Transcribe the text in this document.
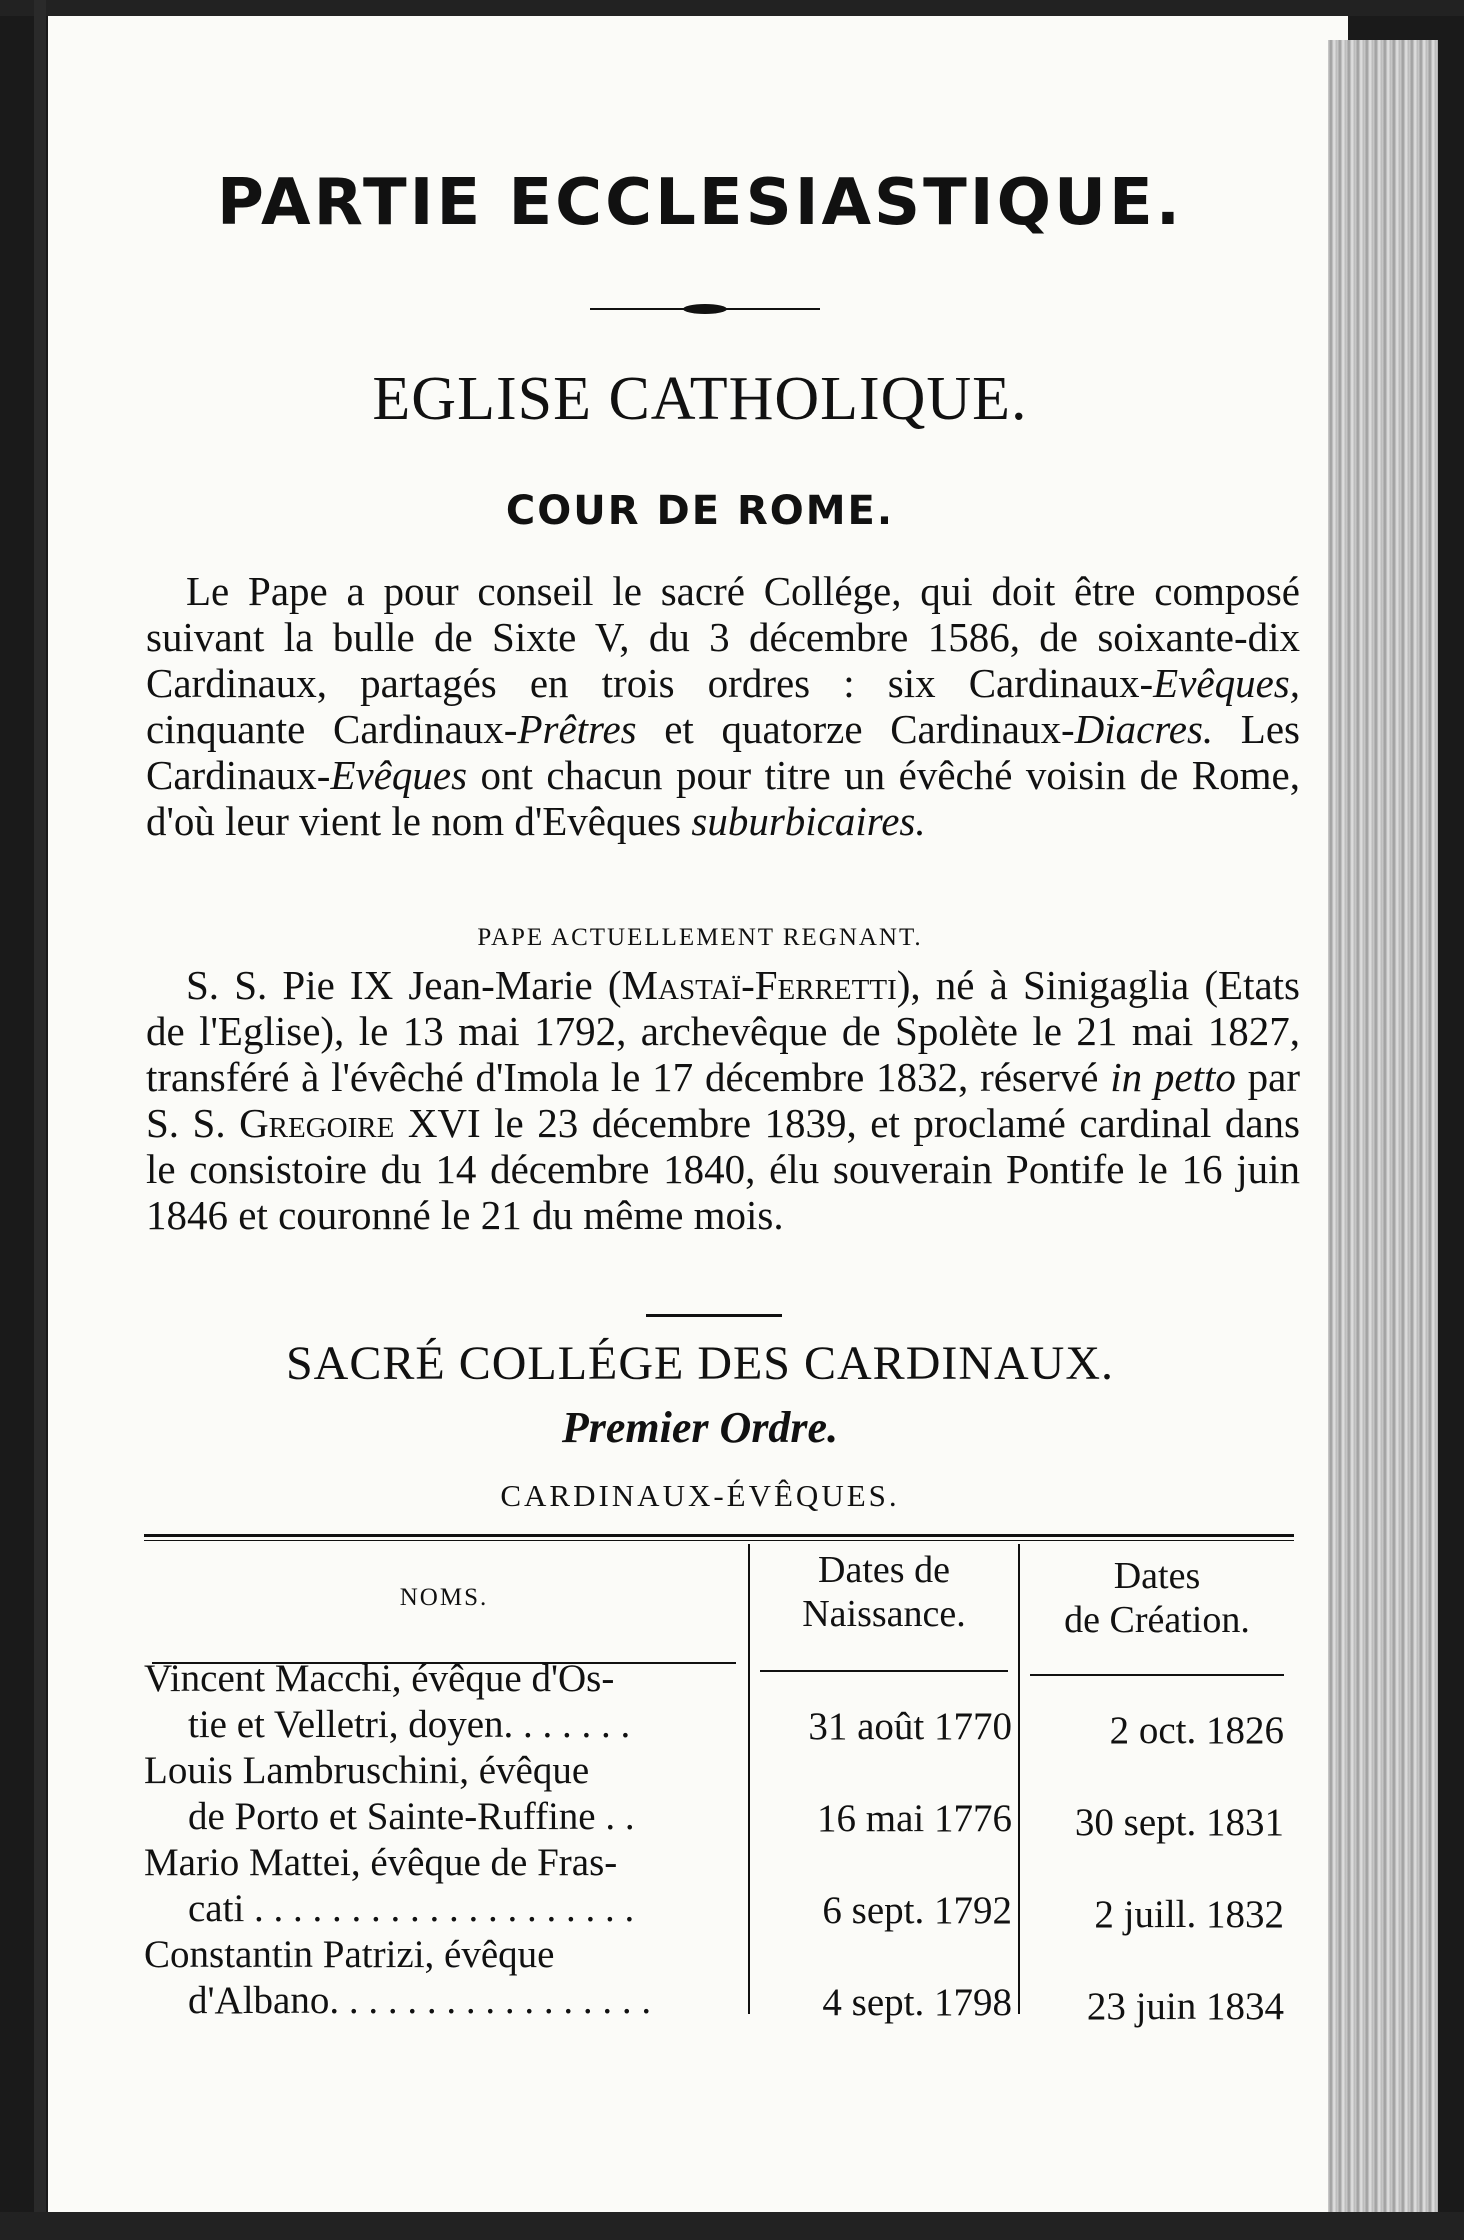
PARTIE ECCLESIASTIQUE.
EGLISE CATHOLIQUE.
COUR DE ROME.
Le Pape a pour conseil le sacré Collége, qui doit être composé suivant la bulle de Sixte V, du 3 décembre 1586, de soixante-dix Cardinaux, partagés en trois ordres : six Cardinaux-Evêques, cinquante Cardinaux-Prêtres et quatorze Cardinaux-Diacres. Les Cardinaux-Evêques ont chacun pour titre un évêché voisin de Rome, d'où leur vient le nom d'Evêques suburbicaires.
PAPE ACTUELLEMENT REGNANT.
S. S. Pie IX Jean-Marie (Mastaï-Ferretti), né à Sinigaglia (Etats de l'Eglise), le 13 mai 1792, archevêque de Spolète le 21 mai 1827, transféré à l'évêché d'Imola le 17 décembre 1832, réservé in petto par S. S. Gregoire XVI le 23 décembre 1839, et proclamé cardinal dans le consistoire du 14 décembre 1840, élu souverain Pontife le 16 juin 1846 et couronné le 21 du même mois.
SACRÉ COLLÉGE DES CARDINAUX.
Premier Ordre.
CARDINAUX-ÉVÊQUES.
NOMS.
Dates de
Naissance.
Dates
de Création.
Vincent Macchi, évêque d'Os-
tie et Velletri, doyen. . . . . . .	31 août 1770	2 oct. 1826
Louis Lambruschini, évêque
de Porto et Sainte-Ruffine . .	16 mai 1776	30 sept. 1831
Mario Mattei, évêque de Fras-
cati . . . . . . . . . . . . . . . . . . . .	6 sept. 1792	2 juill. 1832
Constantin Patrizi, évêque
d'Albano. . . . . . . . . . . . . . . . .	4 sept. 1798	23 juin 1834
